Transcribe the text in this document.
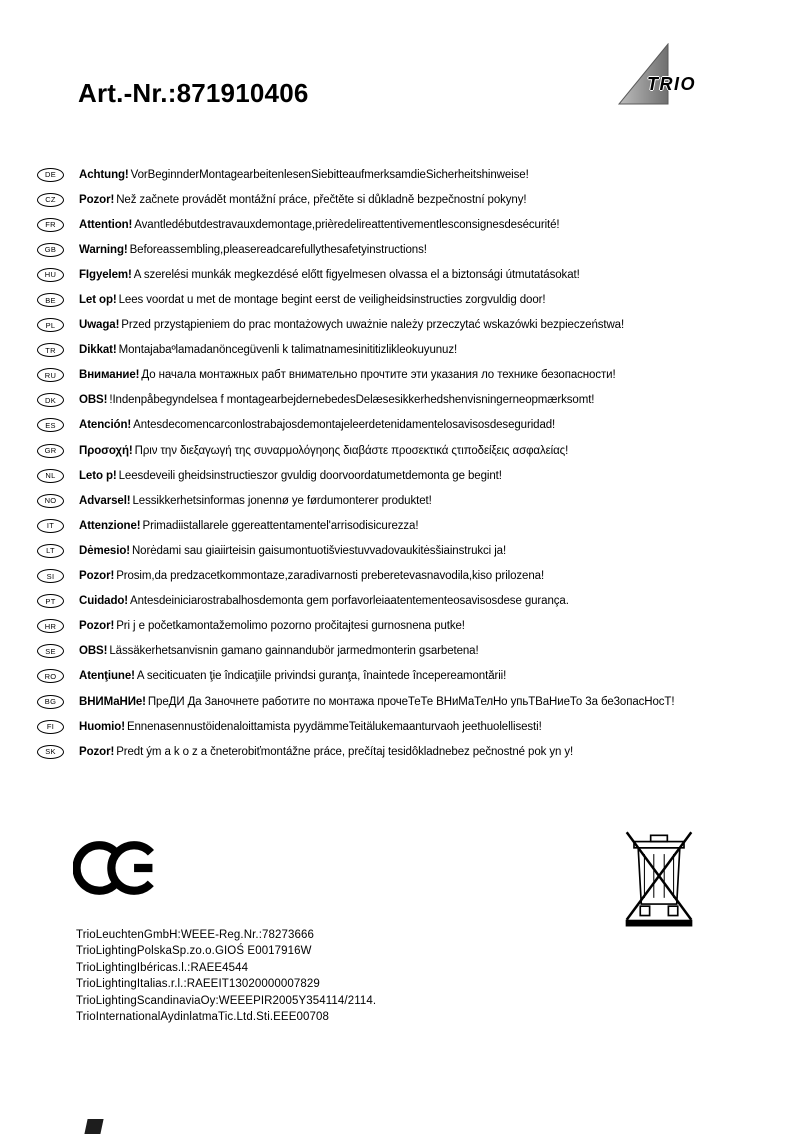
Art.-Nr.:871910406	TRIO
DE Achtung! VorBeginnderMontagearbeitenlesenSiebitteaufmerksamdieSicherheitshinweise!
CZ Pozor! Než začnete provádět montážní práce, přečtěte si důkladně bezpečnostní pokyny!
FR Attention! Avantledébutdestravauxdemontage,prièredelireattentivementlesconsignesdesécurité!
GB Warning! Beforeassembling,pleasereadcarefullythesafetyinstructions!
HU FIgyelem! A szerelési munkák megkezdésé előtt figyelmesen olvassa el a biztonsági útmutatásokat!
BE Let op! Lees voordat u met de montage begint eerst de veiligheidsinstructies zorgvuldig door!
PL Uwaga! Przed przystąpieniem do prac montażowych uważnie należy przeczytać wskazówki bezpieczeństwa!
TR Dikkat! Montajabaºlamadanöncegüvenli k talimatnamesinititizlikleokuyunuz!
RU Внимание! До начала монтажных рабт внимательно прочтите эти указания ло технике безопасности!
DK OBS! !Indenpåbegyndelsea f montagearbejdernebedesDelæsesikkerhedshenvisningerneopmærksomt!
ES Atención! Antesdecomencarconlostrabajosdemontajeleerdetenidamentelosavisosdeseguridad!
GR Προσοχή! Πριν την διεξαγωγή της συναρμολόγηοης διαβάστε προσεκτικά ςτιποδείξεις ασφαλείας!
NL Leto p! Leesdeveili gheidsinstructieszor gvuldig doorvoordatumetdemonta ge begint!
NO Advarsel! Lessikkerhetsinformas jonennø ye førdumonterer produktet!
IT Attenzione! Primadiistallarele ggereattentamentel'arrisodisicurezza!
LT Dėmesio! Norėdami sau giaiirteisin gaisumontuotišviestuvvadovaukitėsšiainstrukci ja!
SI Pozor! Prosim,da predzacetkommontaze,zaradivarnosti preberetevasnavodila,kiso prilozena!
PT Cuidado! Antesdeiniciarostrabalhosdemonta gem porfavorleiaatentementeosavisosdese gurança.
HR Pozor! Pri j e početkamontažemolimo pozorno pročitajtesi gurnosnena putke!
SE OBS! Lässäkerhetsanvisnin gamano gainnandubör jarmedmonterin gsarbetena!
RO Atenţiune! A seciticuaten ţie îndicaţiile privindsi guranţa, înaintede începereamontării!
BG ВНИМаНИе! ПреДИ Да 3аночнете работите по монтажа прочеТеТе ВНиМаТелНо упьТВаНиеТо 3а бе3опасНосТ!
FI Huomio! Ennenasennustöidenaloittamista pyydämmeTeitälukemaanturvaoh jeethuolellisesti!
SK Pozor! Predt ým a k o z a čneterobiťmontážne práce, prečítaj tesidôkladnebez pečnostné pok yn y!
TrioLeuchtenGmbH:WEEE-Reg.Nr.:78273666
TrioLightingPolskaSp.zo.o.GIOŚ E0017916W
TrioLightingIbéricas.l.:RAEE4544
TrioLightingItalias.r.l.:RAEEIT13020000007829
TrioLightingScandinaviaOy:WEEEPIR2005Y354114/2114.
TrioInternationalAydinlatmaTic.Ltd.Sti.EEE00708
